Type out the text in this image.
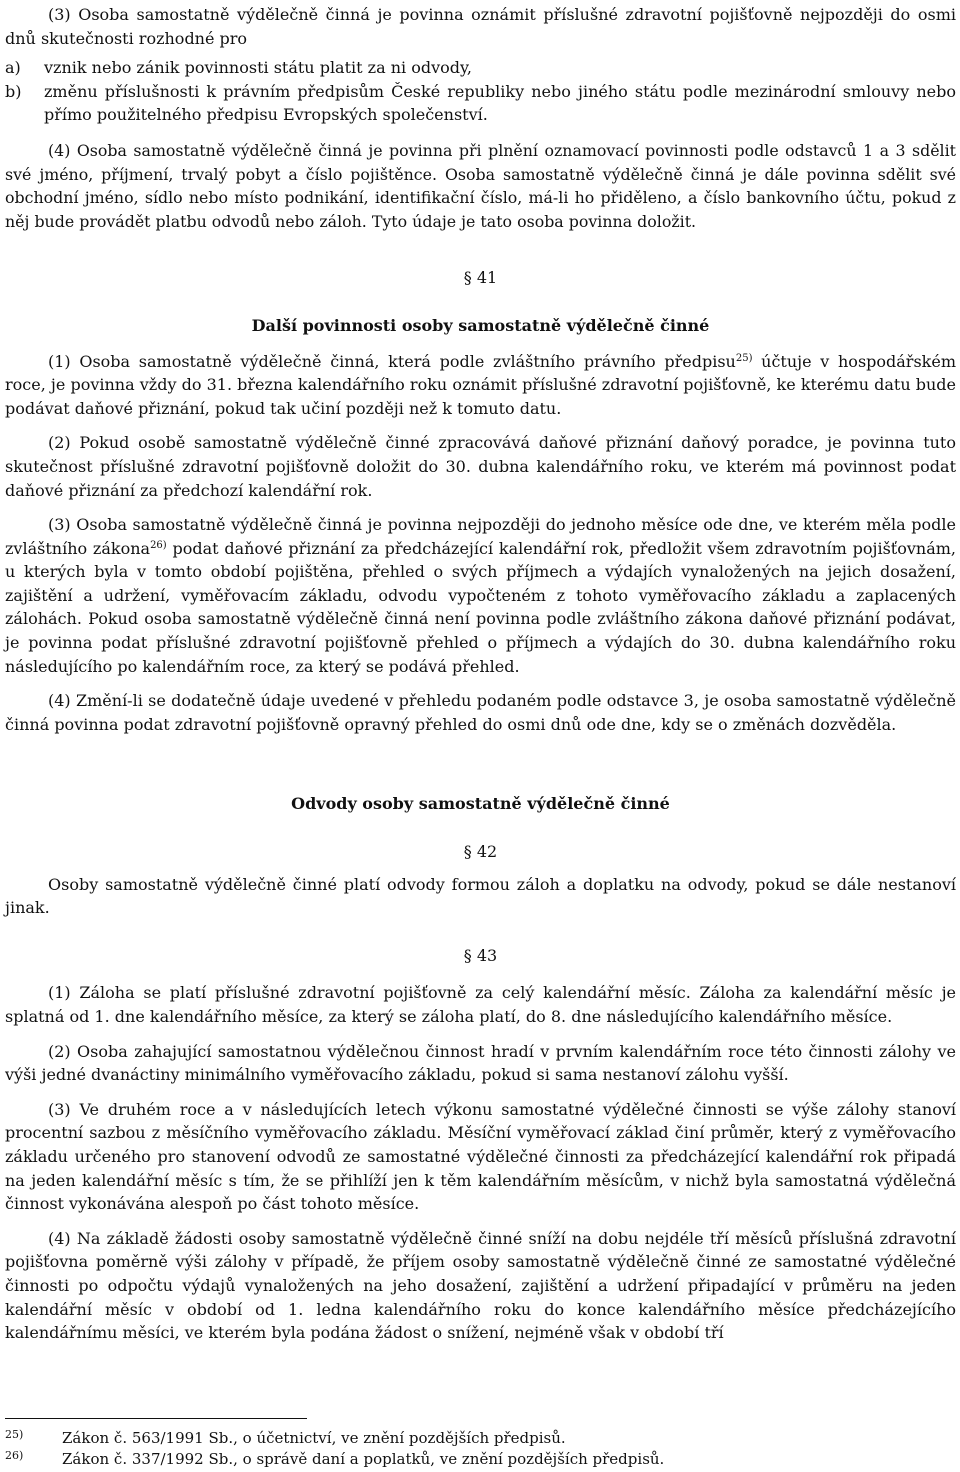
(3) Osoba samostatně výdělečně činná je povinna oznámit příslušné zdravotní pojišťovně nejpozději do osmi dnů skutečnosti rozhodné pro

a)	vznik nebo zánik povinnosti státu platit za ni odvody,
b)	změnu příslušnosti k právním předpisům České republiky nebo jiného státu podle mezinárodní smlouvy nebo přímo použitelného předpisu Evropských společenství.

(4) Osoba samostatně výdělečně činná je povinna při plnění oznamovací povinnosti podle odstavců 1 a 3 sdělit své jméno, příjmení, trvalý pobyt a číslo pojištěnce. Osoba samostatně výdělečně činná je dále povinna sdělit své obchodní jméno, sídlo nebo místo podnikání, identifikační číslo, má-li ho přiděleno, a číslo bankovního účtu, pokud z něj bude provádět platbu odvodů nebo záloh. Tyto údaje je tato osoba povinna doložit.

§ 41

Další povinnosti osoby samostatně výdělečně činné

(1) Osoba samostatně výdělečně činná, která podle zvláštního právního předpisu$^{25)}$ účtuje v hospodářském roce, je povinna vždy do 31. března kalendářního roku oznámit příslušné zdravotní pojišťovně, ke kterému datu bude podávat daňové přiznání, pokud tak učiní později než k tomuto datu.

(2) Pokud osobě samostatně výdělečně činné zpracovává daňové přiznání daňový poradce, je povinna tuto skutečnost příslušné zdravotní pojišťovně doložit do 30. dubna kalendářního roku, ve kterém má povinnost podat daňové přiznání za předchozí kalendářní rok.

(3) Osoba samostatně výdělečně činná je povinna nejpozději do jednoho měsíce ode dne, ve kterém měla podle zvláštního zákona$^{26)}$ podat daňové přiznání za předcházející kalendářní rok, předložit všem zdravotním pojišťovnám, u kterých byla v tomto období pojištěna, přehled o svých příjmech a výdajích vynaložených na jejich dosažení, zajištění a udržení, vyměřovacím základu, odvodu vypočteném z tohoto vyměřovacího základu a zaplacených zálohách. Pokud osoba samostatně výdělečně činná není povinna podle zvláštního zákona daňové přiznání podávat, je povinna podat příslušné zdravotní pojišťovně přehled o příjmech a výdajích do 30. dubna kalendářního roku následujícího po kalendářním roce, za který se podává přehled.

(4) Změní-li se dodatečně údaje uvedené v přehledu podaném podle odstavce 3, je osoba samostatně výdělečně činná povinna podat zdravotní pojišťovně opravný přehled do osmi dnů ode dne, kdy se o změnách dozvěděla.

Odvody osoby samostatně výdělečně činné

§ 42

Osoby samostatně výdělečně činné platí odvody formou záloh a doplatku na odvody, pokud se dále nestanoví jinak.

§ 43

(1) Záloha se platí příslušné zdravotní pojišťovně za celý kalendářní měsíc. Záloha za kalendářní měsíc je splatná od 1. dne kalendářního měsíce, za který se záloha platí, do 8. dne následujícího kalendářního měsíce.

(2) Osoba zahajující samostatnou výdělečnou činnost hradí v prvním kalendářním roce této činnosti zálohy ve výši jedné dvanáctiny minimálního vyměřovacího základu, pokud si sama nestanoví zálohu vyšší.

(3) Ve druhém roce a v následujících letech výkonu samostatné výdělečné činnosti se výše zálohy stanoví procentní sazbou z měsíčního vyměřovacího základu. Měsíční vyměřovací základ činí průměr, který z vyměřovacího základu určeného pro stanovení odvodů ze samostatné výdělečné činnosti za předcházející kalendářní rok připadá na jeden kalendářní měsíc s tím, že se přihlíží jen k těm kalendářním měsícům, v nichž byla samostatná výdělečná činnost vykonávána alespoň po část tohoto měsíce.

(4) Na základě žádosti osoby samostatně výdělečně činné sníží na dobu nejdéle tří měsíců příslušná zdravotní pojišťovna poměrně výši zálohy v případě, že příjem osoby samostatně výdělečně činné ze samostatné výdělečné činnosti po odpočtu výdajů vynaložených na jeho dosažení, zajištění a udržení připadající v průměru na jeden kalendářní měsíc v období od 1. ledna kalendářního roku do konce kalendářního měsíce předcházejícího kalendářnímu měsíci, ve kterém byla podána žádost o snížení, nejméně však v období tří

25)	Zákon č. 563/1991 Sb., o účetnictví, ve znění pozdějších předpisů.
26)	Zákon č. 337/1992 Sb., o správě daní a poplatků, ve znění pozdějších předpisů.
